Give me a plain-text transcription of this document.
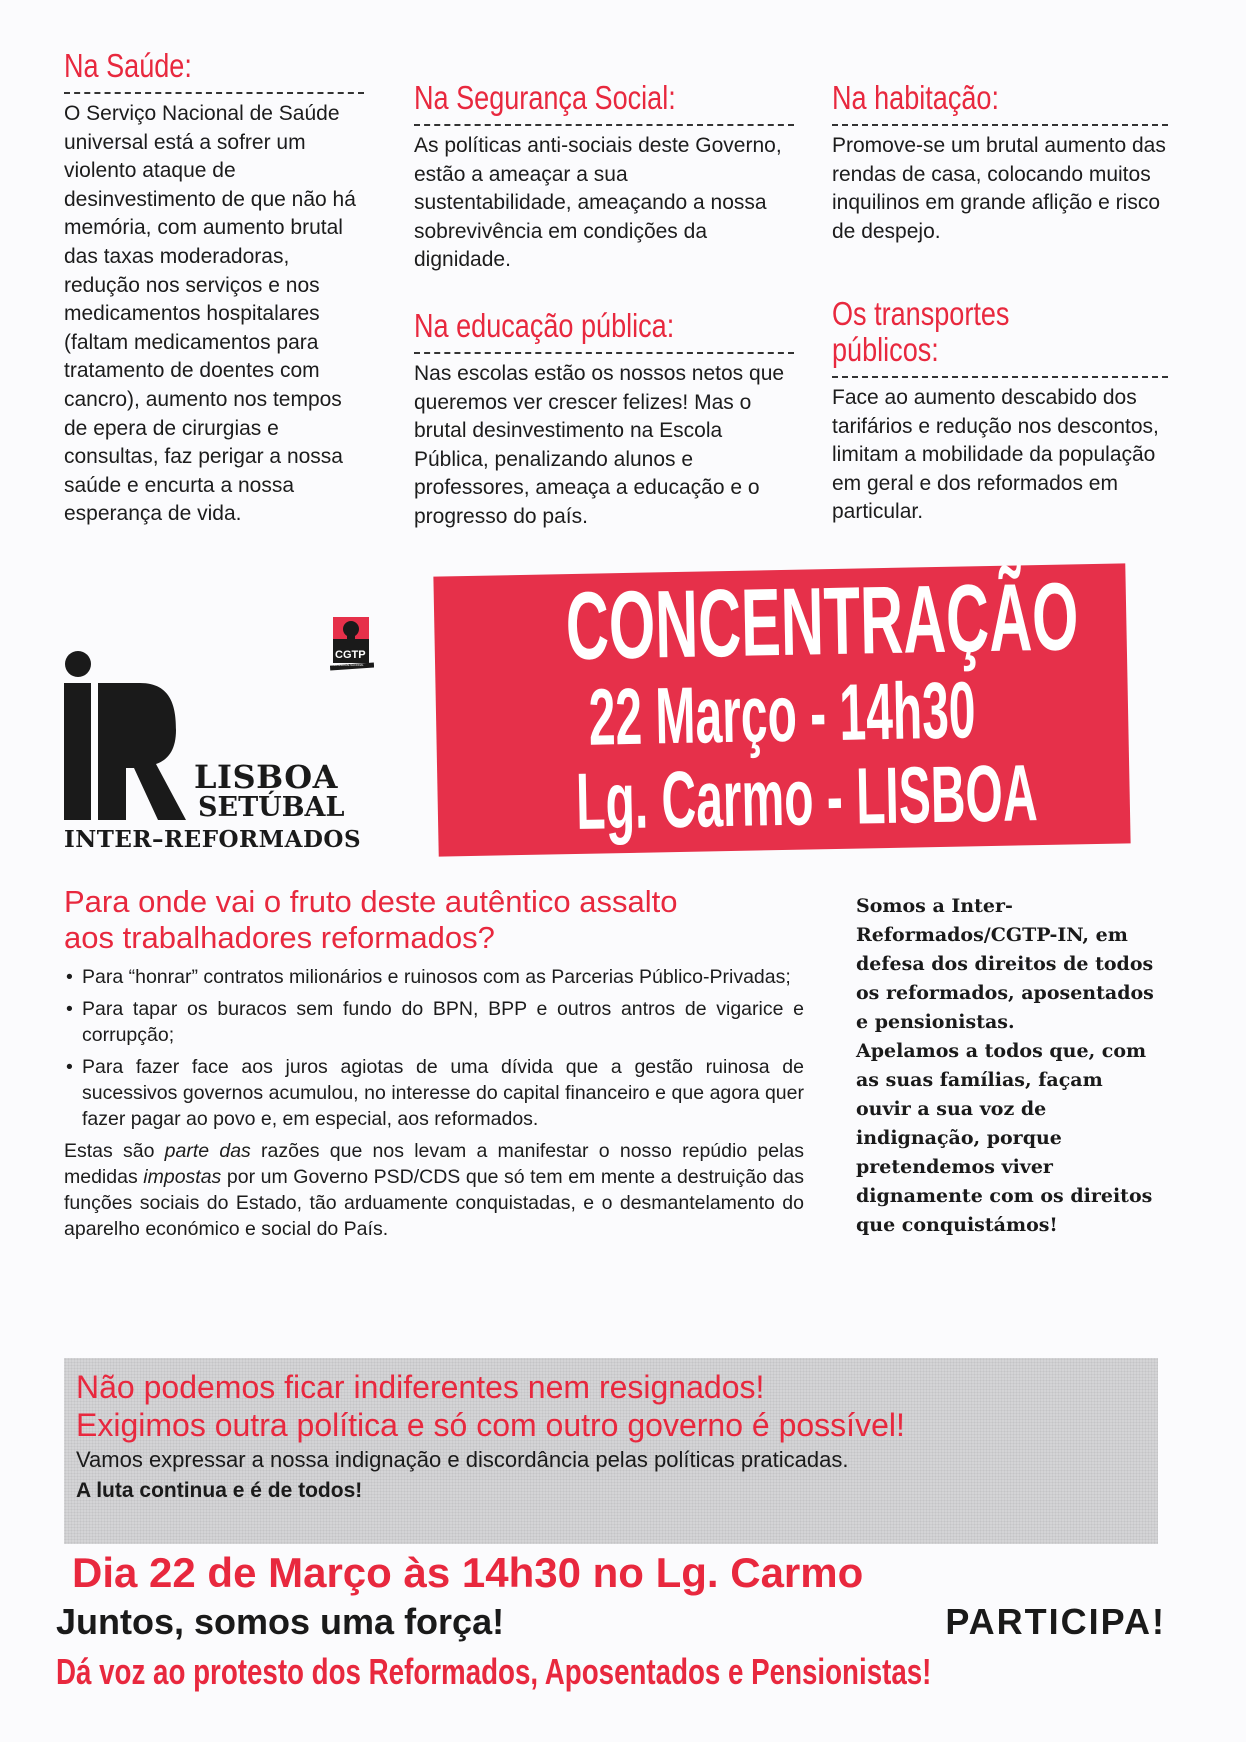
Na Saúde:
O Serviço Nacional de Saúde universal está a sofrer um violento ataque de desinvestimento de que não há memória, com aumento brutal das taxas moderadoras, redução nos serviços e nos medicamentos hospitalares (faltam medicamentos para tratamento de doentes com cancro), aumento nos tempos de epera de cirurgias e consultas, faz perigar a nossa saúde e encurta a nossa esperança de vida.
Na Segurança Social:
As políticas anti-sociais deste Governo, estão a ameaçar a sua sustentabilidade, ameaçando a nossa sobrevivência em condições da dignidade.
Na educação pública:
Nas escolas estão os nossos netos que queremos ver crescer felizes! Mas o brutal desinvestimento na Escola Pública, penalizando alunos e professores, ameaça a educação e o progresso do país.
Na habitação:
Promove-se um brutal aumento das rendas de casa, colocando muitos inquilinos em grande aflição e risco de despejo.
Os transportes
públicos:
Face ao aumento descabido dos tarifários e redução nos descontos, limitam a mobilidade da população em geral e dos reformados em particular.
CGTP
INTERSINDICAL NACIONAL
LISBOA
SETÚBAL
INTER–REFORMADOS
CONCENTRAÇÃO
22 Março - 14h30
Lg. Carmo - LISBOA
Para onde vai o fruto deste autêntico assalto
aos trabalhadores reformados?
• Para “honrar” contratos milionários e ruinosos com as Parcerias Público-Privadas;
• Para tapar os buracos sem fundo do BPN, BPP e outros antros de vigarice e corrupção;
• Para fazer face aos juros agiotas de uma dívida que a gestão ruinosa de sucessivos governos acumulou, no interesse do capital financeiro e que agora quer fazer pagar ao povo e, em especial, aos reformados.

Estas são parte das razões que nos levam a manifestar o nosso repúdio pelas medidas impostas por um Governo PSD/CDS que só tem em mente a destruição das funções sociais do Estado, tão arduamente conquistadas, e o desmantelamento do aparelho económico e social do País.

Somos a Inter-Reformados/CGTP-IN, em defesa dos direitos de todos os reformados, aposentados e pensionistas.
Apelamos a todos que, com as suas famílias, façam ouvir a sua voz de indignação, porque pretendemos viver dignamente com os direitos que conquistámos!
Não podemos ficar indiferentes nem resignados!
Exigimos outra política e só com outro governo é possível!
Vamos expressar a nossa indignação e discordância pelas políticas praticadas.
A luta continua e é de todos!
Dia 22 de Março às 14h30 no Lg. Carmo
Juntos, somos uma força!	PARTICIPA!
Dá voz ao protesto dos Reformados, Aposentados e Pensionistas!
